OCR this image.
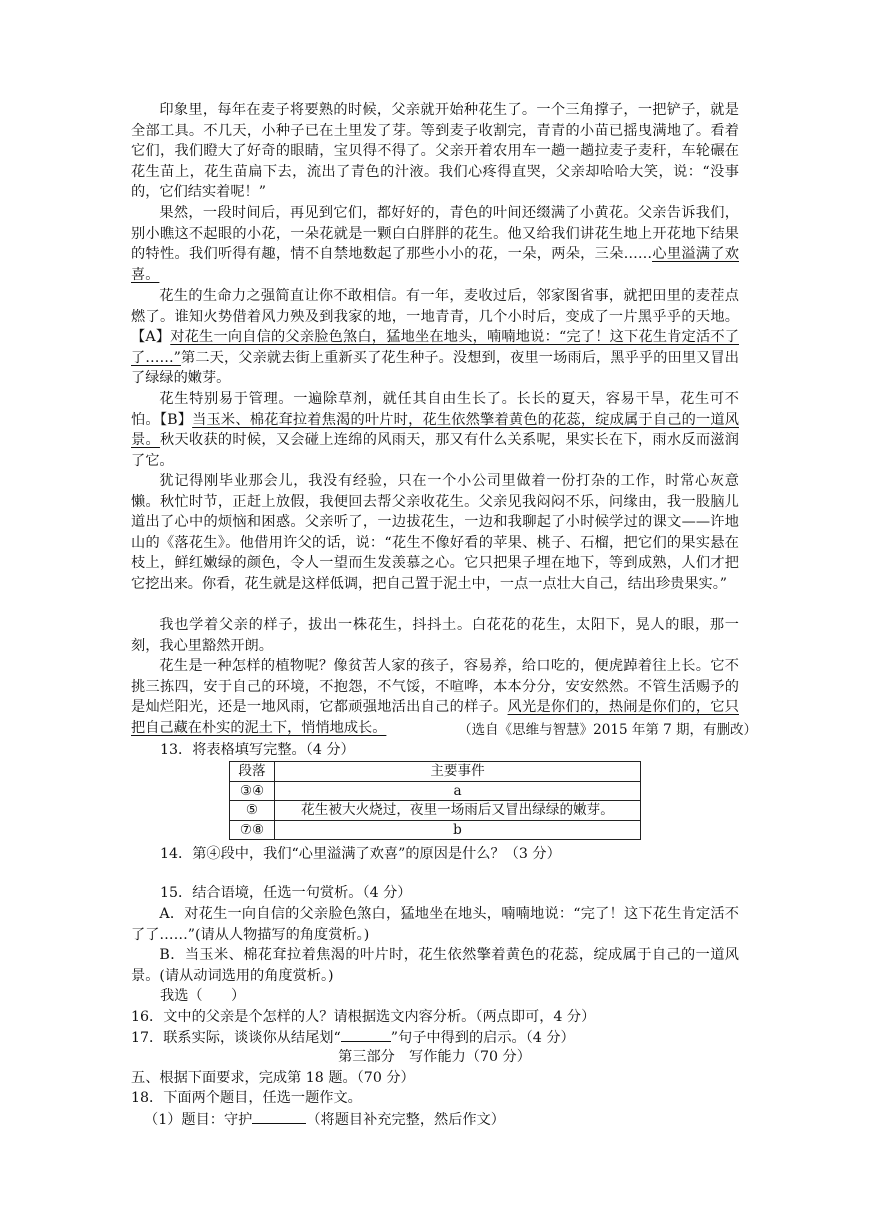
印象里，每年在麦子将要熟的时候，父亲就开始种花生了。一个三角撑子，一把铲子，就是全部工具。不几天，小种子已在土里发了芽。等到麦子收割完，青青的小苗已摇曳满地了。看着它们，我们瞪大了好奇的眼睛，宝贝得不得了。父亲开着农用车一趟一趟拉麦子麦秆，车轮碾在花生苗上，花生苗扁下去，流出了青色的汁液。我们心疼得直哭，父亲却哈哈大笑，说：“没事的，它们结实着呢！”

果然，一段时间后，再见到它们，都好好的，青色的叶间还缀满了小黄花。父亲告诉我们，别小瞧这不起眼的小花，一朵花就是一颗白白胖胖的花生。他又给我们讲花生地上开花地下结果的特性。我们听得有趣，情不自禁地数起了那些小小的花，一朵，两朵，三朵……心里溢满了欢喜。

花生的生命力之强简直让你不敢相信。有一年，麦收过后，邻家图省事，就把田里的麦茬点燃了。谁知火势借着风力殃及到我家的地，一地青青，几个小时后，变成了一片黑乎乎的天地。【A】对花生一向自信的父亲脸色煞白，猛地坐在地头，喃喃地说：“完了！这下花生肯定活不了了……”第二天，父亲就去街上重新买了花生种子。没想到，夜里一场雨后，黑乎乎的田里又冒出了绿绿的嫩芽。

花生特别易于管理。一遍除草剂，就任其自由生长了。长长的夏天，容易干旱，花生可不怕。【B】当玉米、棉花耷拉着焦渴的叶片时，花生依然擎着黄色的花蕊，绽成属于自己的一道风景。秋天收获的时候，又会碰上连绵的风雨天，那又有什么关系呢，果实长在下，雨水反而滋润了它。

犹记得刚毕业那会儿，我没有经验，只在一个小公司里做着一份打杂的工作，时常心灰意懒。秋忙时节，正赶上放假，我便回去帮父亲收花生。父亲见我闷闷不乐，问缘由，我一股脑儿道出了心中的烦恼和困惑。父亲听了，一边拔花生，一边和我聊起了小时候学过的课文——许地山的《落花生》。他借用许父的话，说：“花生不像好看的苹果、桃子、石榴，把它们的果实悬在枝上，鲜红嫩绿的颜色，令人一望而生发羡慕之心。它只把果子埋在地下，等到成熟，人们才把它挖出来。你看，花生就是这样低调，把自己置于泥土中，一点一点壮大自己，结出珍贵果实。”

我也学着父亲的样子，拔出一株花生，抖抖土。白花花的花生，太阳下，晃人的眼，那一刻，我心里豁然开朗。

花生是一种怎样的植物呢？像贫苦人家的孩子，容易养，给口吃的，便虎踔着往上长。它不挑三拣四，安于自己的环境，不抱怨，不气馁，不喧哗，本本分分，安安然然。不管生活赐予的是灿烂阳光，还是一地风雨，它都顽强地活出自己的样子。风光是你们的，热闹是你们的，它只把自己藏在朴实的泥土下，悄悄地成长。	（选自《思维与智慧》2015 年第 7 期，有删改）

13．将表格填写完整。（4 分）

段落	主要事件
③④	a
⑤	花生被大火烧过，夜里一场雨后又冒出绿绿的嫩芽。
⑦⑧	b

14．第④段中，我们“心里溢满了欢喜”的原因是什么？（3 分）

15．结合语境，任选一句赏析。（4 分）

A．对花生一向自信的父亲脸色煞白，猛地坐在地头，喃喃地说：“完了！这下花生肯定活不了了……”(请从人物描写的角度赏析。)

B．当玉米、棉花耷拉着焦渴的叶片时，花生依然擎着黄色的花蕊，绽成属于自己的一道风景。(请从动词选用的角度赏析。)

我选（　　）

16．文中的父亲是个怎样的人？请根据选文内容分析。（两点即可，4 分）

17．联系实际，谈谈你从结尾划“	”句子中得到的启示。（4 分）

第三部分　写作能力（70 分）

五、根据下面要求，完成第 18 题。（70 分）

18．下面两个题目，任选一题作文。

（1）题目：守护	（将题目补充完整，然后作文）
